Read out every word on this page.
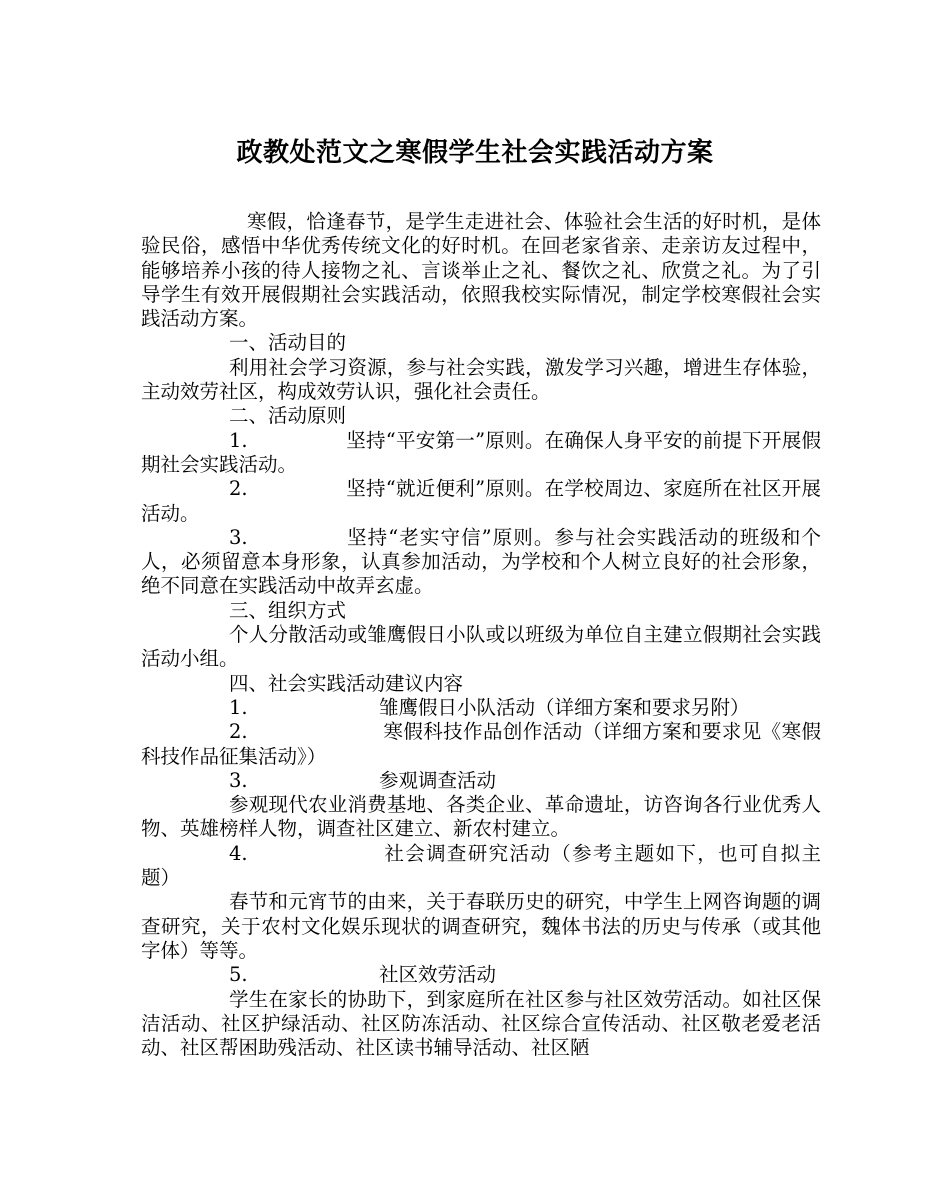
政教处范文之寒假学生社会实践活动方案

寒假，恰逢春节，是学生走进社会、体验社会生活的好时机，是体验民俗，感悟中华优秀传统文化的好时机。在回老家省亲、走亲访友过程中，能够培养小孩的待人接物之礼、言谈举止之礼、餐饮之礼、欣赏之礼。为了引导学生有效开展假期社会实践活动，依照我校实际情况，制定学校寒假社会实践活动方案。

一、活动目的

利用社会学习资源，参与社会实践，激发学习兴趣，增进生存体验，主动效劳社区，构成效劳认识，强化社会责任。

二、活动原则

1.	坚持“平安第一”原则。在确保人身平安的前提下开展假期社会实践活动。

2.	坚持“就近便利”原则。在学校周边、家庭所在社区开展活动。

3.	坚持“老实守信”原则。参与社会实践活动的班级和个人，必须留意本身形象，认真参加活动，为学校和个人树立良好的社会形象，绝不同意在实践活动中故弄玄虚。

三、组织方式

个人分散活动或雏鹰假日小队或以班级为单位自主建立假期社会实践活动小组。

四、社会实践活动建议内容

1.	雏鹰假日小队活动（详细方案和要求另附）

2.	寒假科技作品创作活动（详细方案和要求见《寒假科技作品征集活动》）

3.	参观调查活动

参观现代农业消费基地、各类企业、革命遗址，访咨询各行业优秀人物、英雄榜样人物，调查社区建立、新农村建立。

4.	社会调查研究活动（参考主题如下，也可自拟主题）

春节和元宵节的由来，关于春联历史的研究，中学生上网咨询题的调查研究，关于农村文化娱乐现状的调查研究，魏体书法的历史与传承（或其他字体）等等。

5.	社区效劳活动

学生在家长的协助下，到家庭所在社区参与社区效劳活动。如社区保洁活动、社区护绿活动、社区防冻活动、社区综合宣传活动、社区敬老爱老活动、社区帮困助残活动、社区读书辅导活动、社区陋
